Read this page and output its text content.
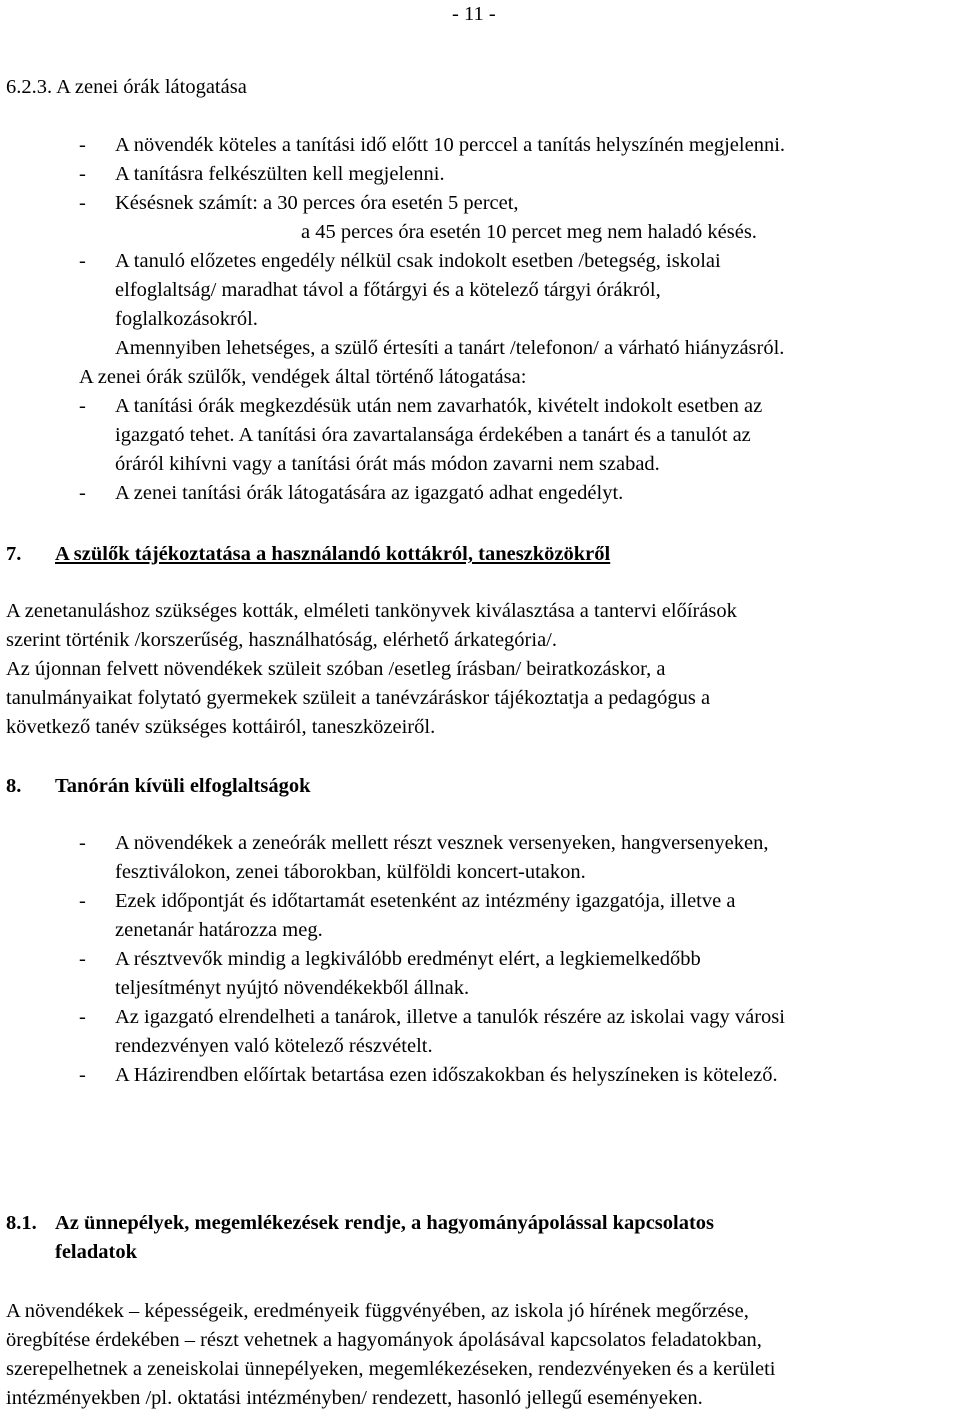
- 11 -
6.2.3. A zenei órák látogatása
- A növendék köteles a tanítási idő előtt 10 perccel a tanítás helyszínén megjelenni.
- A tanításra felkészülten kell megjelenni.
- Késésnek számít: a 30 perces óra esetén 5 percet,
a 45 perces óra esetén 10 percet meg nem haladó késés.
- A tanuló előzetes engedély nélkül csak indokolt esetben /betegség, iskolai
elfoglaltság/ maradhat távol a főtárgyi és a kötelező tárgyi órákról,
foglalkozásokról.
Amennyiben lehetséges, a szülő értesíti a tanárt /telefonon/ a várható hiányzásról.
A zenei órák szülők, vendégek által történő látogatása:
- A tanítási órák megkezdésük után nem zavarhatók, kivételt indokolt esetben az
igazgató tehet. A tanítási óra zavartalansága érdekében a tanárt és a tanulót az
óráról kihívni vagy a tanítási órát más módon zavarni nem szabad.
- A zenei tanítási órák látogatására az igazgató adhat engedélyt.
7. A szülők tájékoztatása a használandó kottákról, taneszközökről
A zenetanuláshoz szükséges kották, elméleti tankönyvek kiválasztása a tantervi előírások
szerint történik /korszerűség, használhatóság, elérhető árkategória/.
Az újonnan felvett növendékek szüleit szóban /esetleg írásban/ beiratkozáskor, a
tanulmányaikat folytató gyermekek szüleit a tanévzáráskor tájékoztatja a pedagógus a
következő tanév szükséges kottáiról, taneszközeiről.
8. Tanórán kívüli elfoglaltságok
- A növendékek a zeneórák mellett részt vesznek versenyeken, hangversenyeken,
fesztiválokon, zenei táborokban, külföldi koncert-utakon.
- Ezek időpontját és időtartamát esetenként az intézmény igazgatója, illetve a
zenetanár határozza meg.
- A résztvevők mindig a legkiválóbb eredményt elért, a legkiemelkedőbb
teljesítményt nyújtó növendékekből állnak.
- Az igazgató elrendelheti a tanárok, illetve a tanulók részére az iskolai vagy városi
rendezvényen való kötelező részvételt.
- A Házirendben előírtak betartása ezen időszakokban és helyszíneken is kötelező.
8.1. Az ünnepélyek, megemlékezések rendje, a hagyományápolással kapcsolatos
feladatok
A növendékek – képességeik, eredményeik függvényében, az iskola jó hírének megőrzése,
öregbítése érdekében – részt vehetnek a hagyományok ápolásával kapcsolatos feladatokban,
szerepelhetnek a zeneiskolai ünnepélyeken, megemlékezéseken, rendezvényeken és a kerületi
intézményekben /pl. oktatási intézményben/ rendezett, hasonló jellegű eseményeken.
